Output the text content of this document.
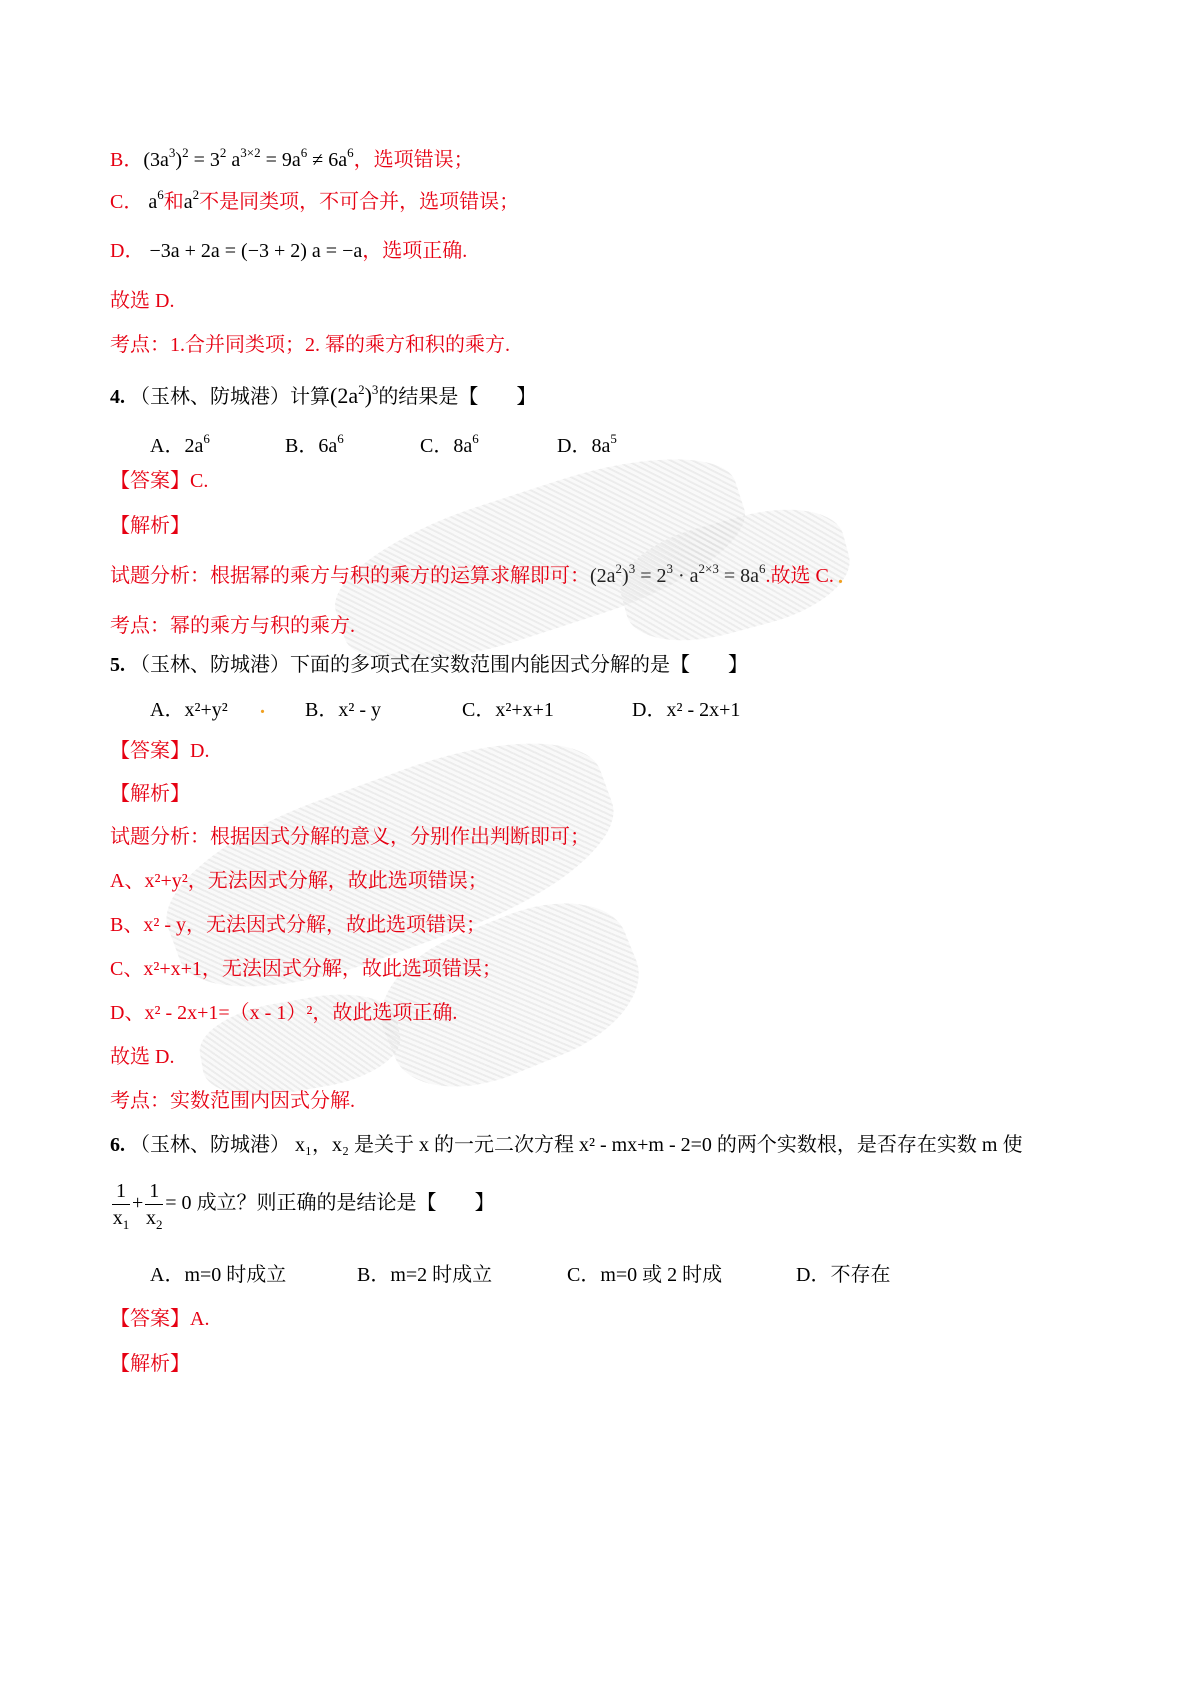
B．$(3a^3)^2 = 3^2$ $a^{3\times 2} = 9a^6 \ne 6a^6$，选项错误；
C． $a^6$和$a^2$不是同类项，不可合并，选项错误；
D． −3a + 2a = (−3 + 2) a = −a，选项正确.
故选 D.
考点：1.合并同类项；2. 幂的乘方和积的乘方.
4. （玉林、防城港）计算$(2a^2)^3$的结果是【 】
A．$2a^6$	B．$6a^6$	C．$8a^6$	D．$8a^5$
【答案】C.
【解析】
试题分析：根据幂的乘方与积的乘方的运算求解即可：$(2a^2)^3 = 2^3 \cdot a^{2\times 3} = 8a^6$.故选 C. .
考点：幂的乘方与积的乘方.
5. （玉林、防城港）下面的多项式在实数范围内能因式分解的是【 】
A．x²+y² . B．x² - y	C．x²+x+1	D．x² - 2x+1
【答案】D.
【解析】
试题分析：根据因式分解的意义，分别作出判断即可；
A、x²+y²，无法因式分解，故此选项错误；
B、x² - y，无法因式分解，故此选项错误；
C、x²+x+1，无法因式分解，故此选项错误；
D、x² - 2x+1=（x - 1）²，故此选项正确.
故选 D.
考点：实数范围内因式分解.
6. （玉林、防城港） x₁，x₂ 是关于 x 的一元二次方程 x² - mx+m - 2=0 的两个实数根，是否存在实数 m 使
$\frac{1}{x_1} + \frac{1}{x_2} = 0$ 成立？则正确的是结论是【 】
A．m=0 时成立	B．m=2 时成立	C．m=0 或 2 时成	D．不存在
【答案】A.
【解析】
